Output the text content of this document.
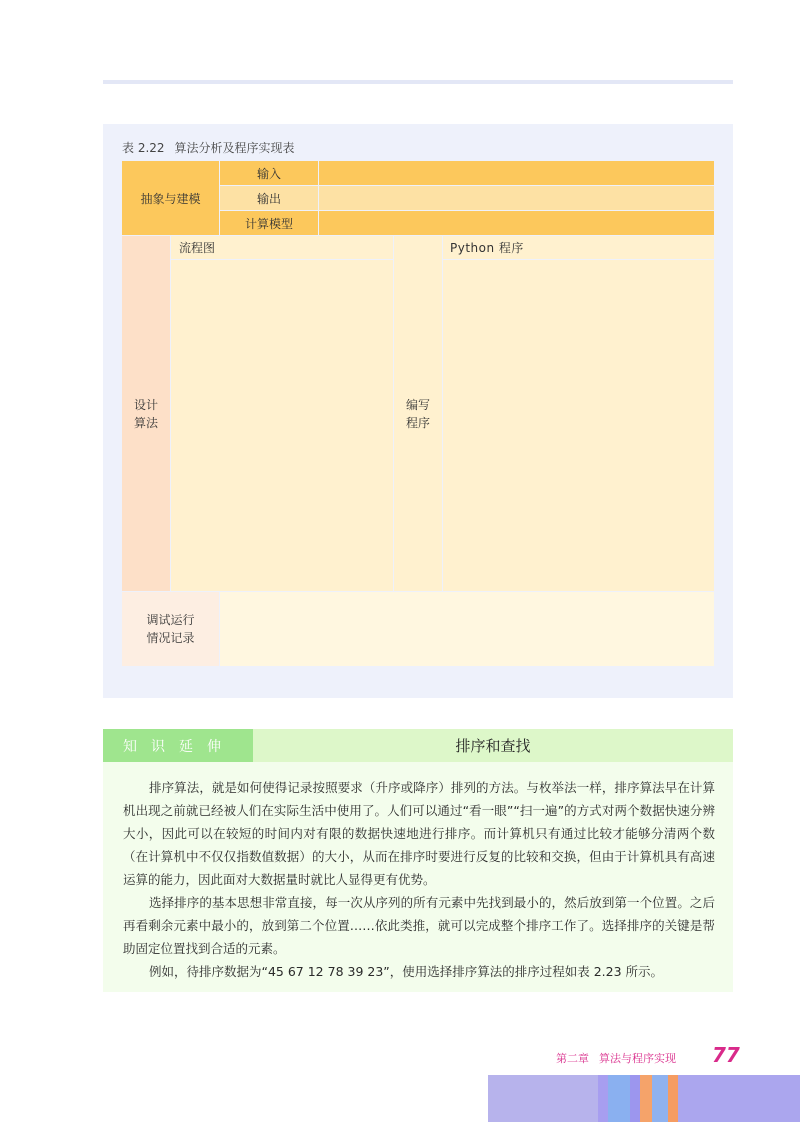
表 2.22 算法分析及程序实现表
抽象与建模
输入
输出
计算模型
设计
算法
流程图
编写
程序
Python 程序
调试运行
情况记录
知识延伸	排序和查找

排序算法，就是如何使得记录按照要求（升序或降序）排列的方法。与枚举法一样，排序算法早在计算机出现之前就已经被人们在实际生活中使用了。人们可以通过“看一眼”“扫一遍”的方式对两个数据快速分辨大小，因此可以在较短的时间内对有限的数据快速地进行排序。而计算机只有通过比较才能够分清两个数（在计算机中不仅仅指数值数据）的大小，从而在排序时要进行反复的比较和交换，但由于计算机具有高速运算的能力，因此面对大数据量时就比人显得更有优势。

选择排序的基本思想非常直接，每一次从序列的所有元素中先找到最小的，然后放到第一个位置。之后再看剩余元素中最小的，放到第二个位置……依此类推，就可以完成整个排序工作了。选择排序的关键是帮助固定位置找到合适的元素。

例如，待排序数据为“45 67 12 78 39 23”，使用选择排序算法的排序过程如表 2.23 所示。

第二章 算法与程序实现 77
